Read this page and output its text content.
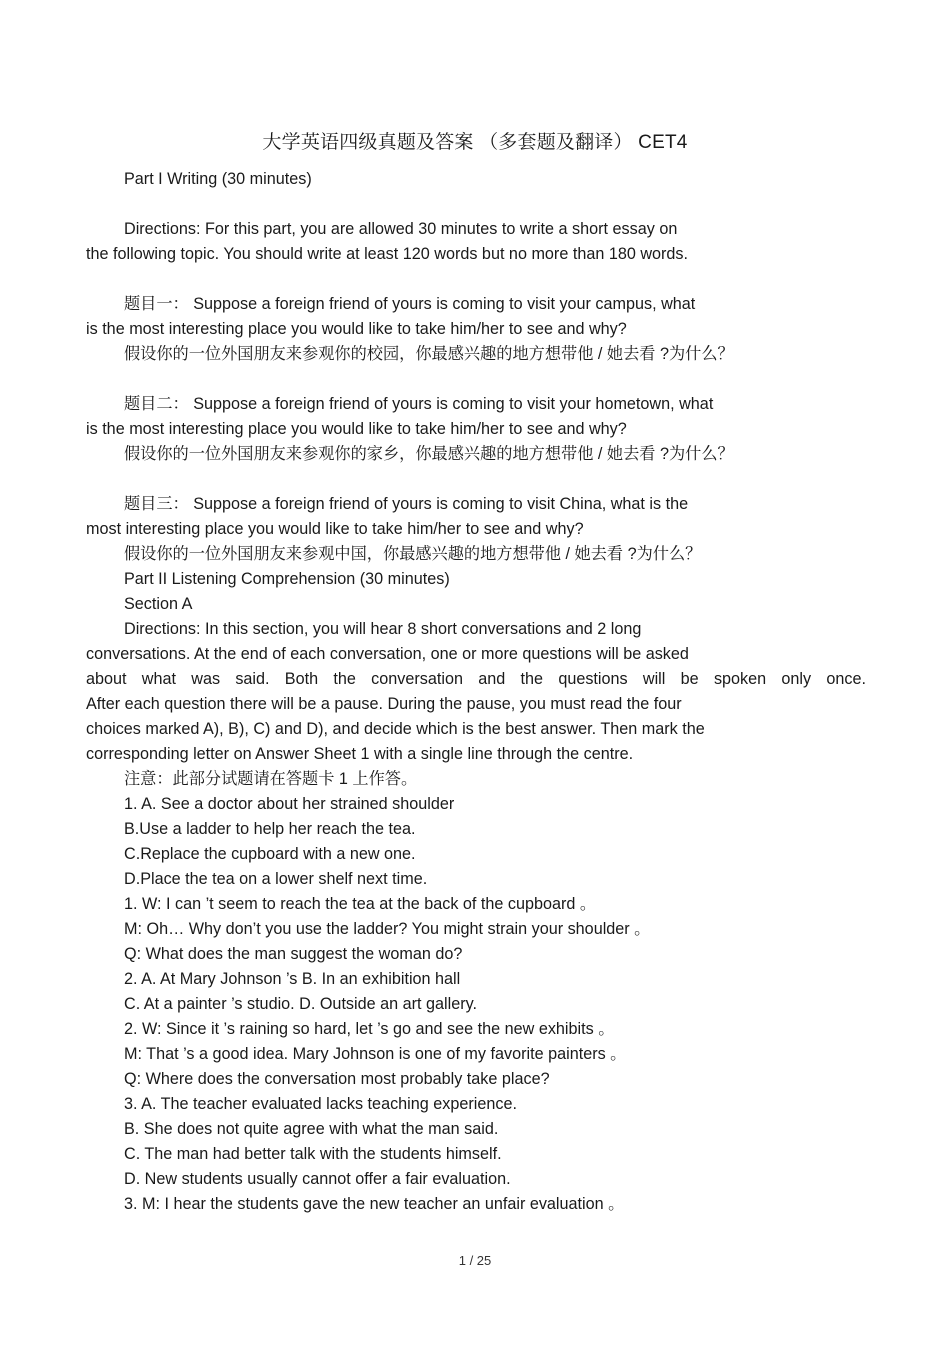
大学英语四级真题及答案 （多套题及翻译） CET4

Part I Writing (30 minutes)

Directions: For this part, you are allowed 30 minutes to write a short essay on

the following topic. You should write at least 120 words but no more than 180 words.

题目一： Suppose a foreign friend of yours is coming to visit your campus, what

is the most interesting place you would like to take him/her to see and why?

假设你的一位外国朋友来参观你的校园，你最感兴趣的地方想带他 / 她去看 ?为什么？

题目二： Suppose a foreign friend of yours is coming to visit your hometown, what

is the most interesting place you would like to take him/her to see and why?

假设你的一位外国朋友来参观你的家乡，你最感兴趣的地方想带他 / 她去看 ?为什么？

题目三： Suppose a foreign friend of yours is coming to visit China, what is the

most interesting place you would like to take him/her to see and why?

假设你的一位外国朋友来参观中国，你最感兴趣的地方想带他 / 她去看 ?为什么？

Part II Listening Comprehension (30 minutes)

Section A

Directions: In this section, you will hear 8 short conversations and 2 long

conversations. At the end of each conversation, one or more questions will be asked

about what was said. Both the conversation and the questions will be spoken only once.

After each question there will be a pause. During the pause, you must read the four

choices marked A), B), C) and D), and decide which is the best answer. Then mark the

corresponding letter on Answer Sheet 1 with a single line through the centre.

注意：此部分试题请在答题卡 1 上作答。

1. A. See a doctor about her strained shoulder

B.Use a ladder to help her reach the tea.

C.Replace the cupboard with a new one.

D.Place the tea on a lower shelf next time.

1. W: I can ’t seem to reach the tea at the back of the cupboard 。

M: Oh… Why don’t you use the ladder? You might strain your shoulder 。

Q: What does the man suggest the woman do?

2. A. At Mary Johnson ’s B. In an exhibition hall

C. At a painter ’s studio. D. Outside an art gallery.

2. W: Since it ’s raining so hard, let ’s go and see the new exhibits 。

M: That ’s a good idea. Mary Johnson is one of my favorite painters 。

Q: Where does the conversation most probably take place?

3. A. The teacher evaluated lacks teaching experience.

B. She does not quite agree with what the man said.

C. The man had better talk with the students himself.

D. New students usually cannot offer a fair evaluation.

3. M: I hear the students gave the new teacher an unfair evaluation 。

1 / 25
